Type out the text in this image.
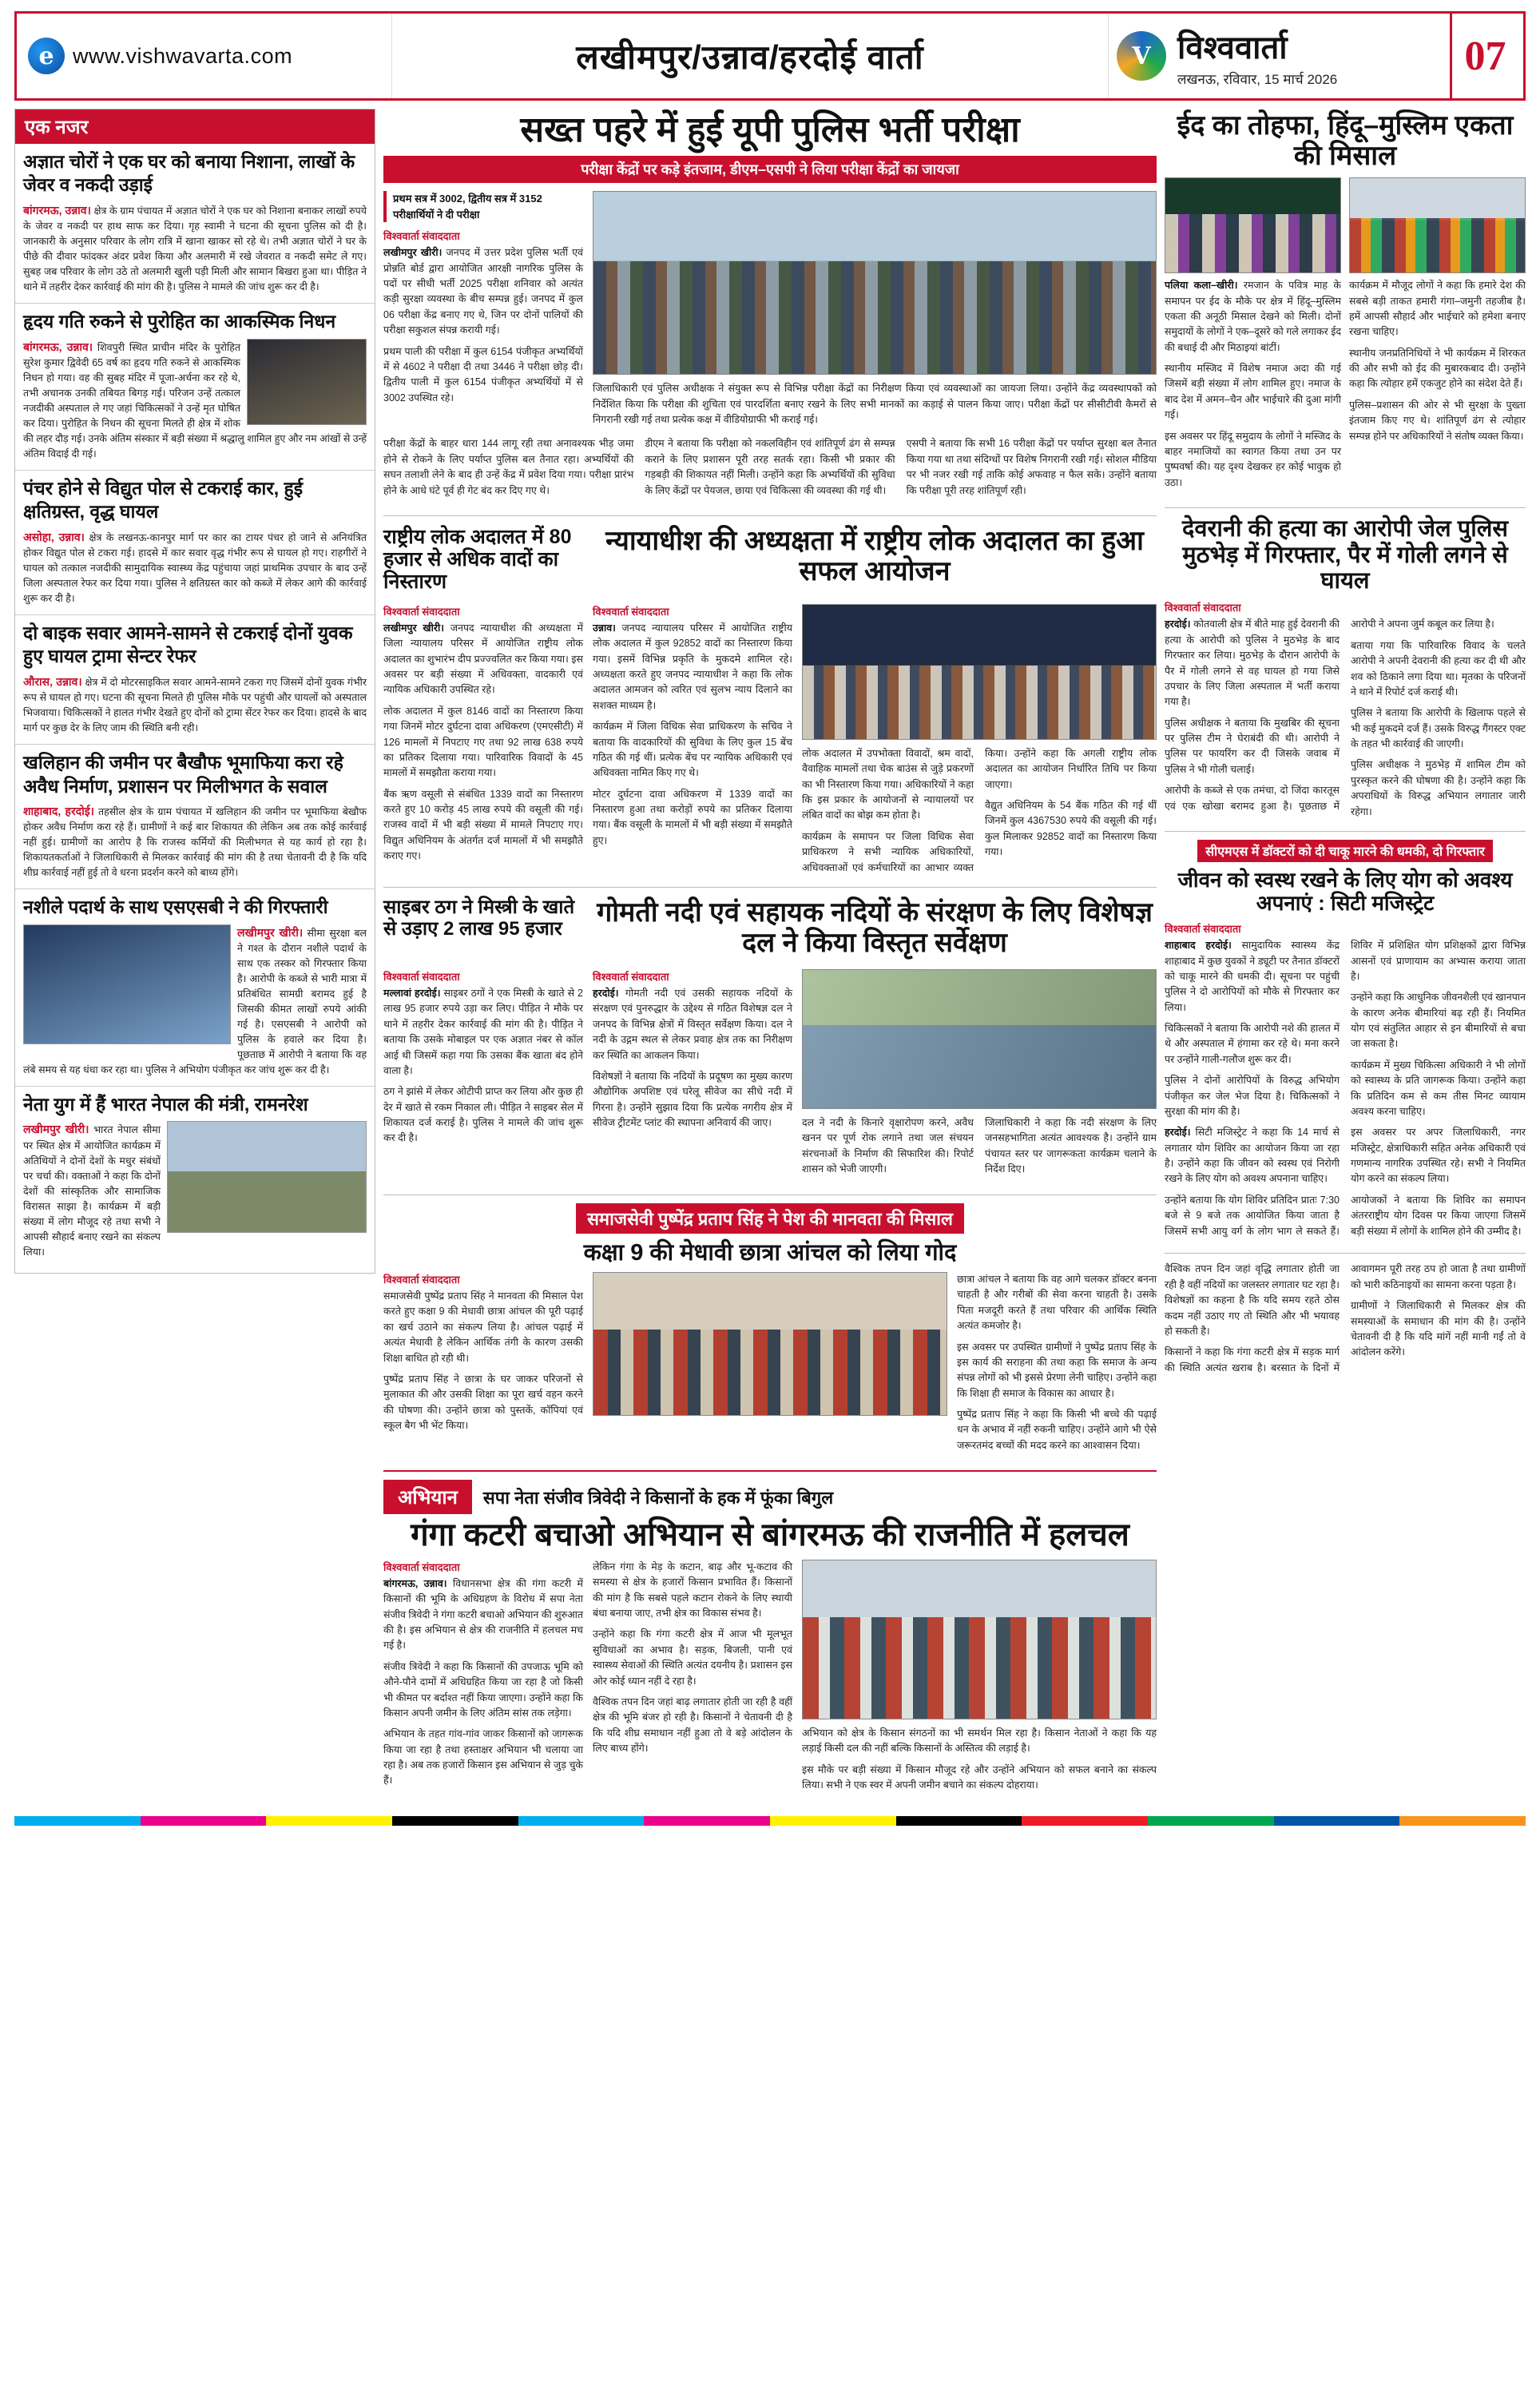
e www.vishwavarta.com	लखीमपुर/उन्नाव/हरदोई वार्ता	V विश्ववार्ता
लखनऊ, रविवार, 15 मार्च 2026
07
एक नजर
अज्ञात चोरों ने एक घर को बनाया निशाना, लाखों के जेवर व नकदी उड़ाई
बांगरमऊ, उन्नाव। क्षेत्र के ग्राम पंचायत में अज्ञात चोरों ने एक घर को निशाना बनाकर लाखों रुपये के जेवर व नकदी पर हाथ साफ कर दिया। गृह स्वामी ने घटना की सूचना पुलिस को दी है। जानकारी के अनुसार परिवार के लोग रात्रि में खाना खाकर सो रहे थे। तभी अज्ञात चोरों ने घर के पीछे की दीवार फांदकर अंदर प्रवेश किया और अलमारी में रखे जेवरात व नकदी समेट ले गए। सुबह जब परिवार के लोग उठे तो अलमारी खुली पड़ी मिली और सामान बिखरा हुआ था। पीड़ित ने थाने में तहरीर देकर कार्रवाई की मांग की है। पुलिस ने मामले की जांच शुरू कर दी है।
हृदय गति रुकने से पुरोहित का आकस्मिक निधन
बांगरमऊ, उन्नाव। शिवपुरी स्थित प्राचीन मंदिर के पुरोहित सुरेश कुमार द्विवेदी 65 वर्ष का हृदय गति रुकने से आकस्मिक निधन हो गया। वह की सुबह मंदिर में पूजा-अर्चना कर रहे थे, तभी अचानक उनकी तबियत बिगड़ गई। परिजन उन्हें तत्काल नजदीकी अस्पताल ले गए जहां चिकित्सकों ने उन्हें मृत घोषित कर दिया। पुरोहित के निधन की सूचना मिलते ही क्षेत्र में शोक की लहर दौड़ गई। उनके अंतिम संस्कार में बड़ी संख्या में श्रद्धालु शामिल हुए और नम आंखों से उन्हें अंतिम विदाई दी गई।
पंचर होने से विद्युत पोल से टकराई कार, हुई क्षतिग्रस्त, वृद्ध घायल
असोहा, उन्नाव। क्षेत्र के लखनऊ-कानपुर मार्ग पर कार का टायर पंचर हो जाने से अनियंत्रित होकर विद्युत पोल से टकरा गई। हादसे में कार सवार वृद्ध गंभीर रूप से घायल हो गए। राहगीरों ने घायल को तत्काल नजदीकी सामुदायिक स्वास्थ्य केंद्र पहुंचाया जहां प्राथमिक उपचार के बाद उन्हें जिला अस्पताल रेफर कर दिया गया। पुलिस ने क्षतिग्रस्त कार को कब्जे में लेकर आगे की कार्रवाई शुरू कर दी है।
दो बाइक सवार आमने-सामने से टकराई दोनों युवक हुए घायल ट्रामा सेन्टर रेफर
औरास, उन्नाव। क्षेत्र में दो मोटरसाइकिल सवार आमने-सामने टकरा गए जिसमें दोनों युवक गंभीर रूप से घायल हो गए। घटना की सूचना मिलते ही पुलिस मौके पर पहुंची और घायलों को अस्पताल भिजवाया। चिकित्सकों ने हालत गंभीर देखते हुए दोनों को ट्रामा सेंटर रेफर कर दिया। हादसे के बाद मार्ग पर कुछ देर के लिए जाम की स्थिति बनी रही।
खलिहान की जमीन पर बैखौफ भूमाफिया करा रहे अवैध निर्माण, प्रशासन पर मिलीभगत के सवाल
शाहाबाद, हरदोई। तहसील क्षेत्र के ग्राम पंचायत में खलिहान की जमीन पर भूमाफिया बेखौफ होकर अवैध निर्माण करा रहे हैं। ग्रामीणों ने कई बार शिकायत की लेकिन अब तक कोई कार्रवाई नहीं हुई। ग्रामीणों का आरोप है कि राजस्व कर्मियों की मिलीभगत से यह कार्य हो रहा है। शिकायतकर्ताओं ने जिलाधिकारी से मिलकर कार्रवाई की मांग की है तथा चेतावनी दी है कि यदि शीघ्र कार्रवाई नहीं हुई तो वे धरना प्रदर्शन करने को बाध्य होंगे।
नशीले पदार्थ के साथ एसएसबी ने की गिरफ्तारी
लखीमपुर खीरी। सीमा सुरक्षा बल ने गश्त के दौरान नशीले पदार्थ के साथ एक तस्कर को गिरफ्तार किया है। आरोपी के कब्जे से भारी मात्रा में प्रतिबंधित सामग्री बरामद हुई है जिसकी कीमत लाखों रुपये आंकी गई है। एसएसबी ने आरोपी को पुलिस के हवाले कर दिया है। पूछताछ में आरोपी ने बताया कि वह लंबे समय से यह धंधा कर रहा था। पुलिस ने अभियोग पंजीकृत कर जांच शुरू कर दी है।
नेता युग में हैं भारत नेपाल की मंत्री, रामनरेश
लखीमपुर खीरी। भारत नेपाल सीमा पर स्थित क्षेत्र में आयोजित कार्यक्रम में अतिथियों ने दोनों देशों के मधुर संबंधों पर चर्चा की। वक्ताओं ने कहा कि दोनों देशों की सांस्कृतिक और सामाजिक विरासत साझा है। कार्यक्रम में बड़ी संख्या में लोग मौजूद रहे तथा सभी ने आपसी सौहार्द बनाए रखने का संकल्प लिया।
सख्त पहरे में हुई यूपी पुलिस भर्ती परीक्षा
परीक्षा केंद्रों पर कड़े इंतजाम, डीएम–एसपी ने लिया परीक्षा केंद्रों का जायजा
प्रथम सत्र में 3002, द्वितीय सत्र में 3152 परीक्षार्थियों ने दी परीक्षा
विश्ववार्ता संवाददाता

लखीमपुर खीरी। जनपद में उत्तर प्रदेश पुलिस भर्ती एवं प्रोन्नति बोर्ड द्वारा आयोजित आरक्षी नागरिक पुलिस के पदों पर सीधी भर्ती 2025 परीक्षा शनिवार को अत्यंत कड़ी सुरक्षा व्यवस्था के बीच सम्पन्न हुई। जनपद में कुल 06 परीक्षा केंद्र बनाए गए थे, जिन पर दोनों पालियों की परीक्षा सकुशल संपन्न करायी गई।

प्रथम पाली की परीक्षा में कुल 6154 पंजीकृत अभ्यर्थियों में से 4602 ने परीक्षा दी तथा 3446 ने परीक्षा छोड़ दी। द्वितीय पाली में कुल 6154 पंजीकृत अभ्यर्थियों में से 3002 उपस्थित रहे।

जिलाधिकारी एवं पुलिस अधीक्षक ने संयुक्त रूप से विभिन्न परीक्षा केंद्रों का निरीक्षण किया एवं व्यवस्थाओं का जायजा लिया। उन्होंने केंद्र व्यवस्थापकों को निर्देशित किया कि परीक्षा की शुचिता एवं पारदर्शिता बनाए रखने के लिए सभी मानकों का कड़ाई से पालन किया जाए। परीक्षा केंद्रों पर सीसीटीवी कैमरों से निगरानी रखी गई तथा प्रत्येक कक्ष में वीडियोग्राफी भी कराई गई।

परीक्षा केंद्रों के बाहर धारा 144 लागू रही तथा अनावश्यक भीड़ जमा होने से रोकने के लिए पर्याप्त पुलिस बल तैनात रहा। अभ्यर्थियों की सघन तलाशी लेने के बाद ही उन्हें केंद्र में प्रवेश दिया गया। परीक्षा प्रारंभ होने के आधे घंटे पूर्व ही गेट बंद कर दिए गए थे।

डीएम ने बताया कि परीक्षा को नकलविहीन एवं शांतिपूर्ण ढंग से सम्पन्न कराने के लिए प्रशासन पूरी तरह सतर्क रहा। किसी भी प्रकार की गड़बड़ी की शिकायत नहीं मिली। उन्होंने कहा कि अभ्यर्थियों की सुविधा के लिए केंद्रों पर पेयजल, छाया एवं चिकित्सा की व्यवस्था की गई थी।

एसपी ने बताया कि सभी 16 परीक्षा केंद्रों पर पर्याप्त सुरक्षा बल तैनात किया गया था तथा संदिग्धों पर विशेष निगरानी रखी गई। सोशल मीडिया पर भी नजर रखी गई ताकि कोई अफवाह न फैल सके। उन्होंने बताया कि परीक्षा पूरी तरह शांतिपूर्ण रही।

राष्ट्रीय लोक अदालत में 80 हजार से अधिक वादों का निस्तारण
न्यायाधीश की अध्यक्षता में राष्ट्रीय लोक अदालत का हुआ सफल आयोजन
विश्ववार्ता संवाददाता

लखीमपुर खीरी। जनपद न्यायाधीश की अध्यक्षता में जिला न्यायालय परिसर में आयोजित राष्ट्रीय लोक अदालत का शुभारंभ दीप प्रज्ज्वलित कर किया गया। इस अवसर पर बड़ी संख्या में अधिवक्ता, वादकारी एवं न्यायिक अधिकारी उपस्थित रहे।

लोक अदालत में कुल 8146 वादों का निस्तारण किया गया जिनमें मोटर दुर्घटना दावा अधिकरण (एमएसीटी) में 126 मामलों में निपटाए गए तथा 92 लाख 638 रुपये का प्रतिकर दिलाया गया। पारिवारिक विवादों के 45 मामलों में समझौता कराया गया।

बैंक ऋण वसूली से संबंधित 1339 वादों का निस्तारण करते हुए 10 करोड़ 45 लाख रुपये की वसूली की गई। राजस्व वादों में भी बड़ी संख्या में मामले निपटाए गए। विद्युत अधिनियम के अंतर्गत दर्ज मामलों में भी समझौते कराए गए।

विश्ववार्ता संवाददाता

उन्नाव। जनपद न्यायालय परिसर में आयोजित राष्ट्रीय लोक अदालत में कुल 92852 वादों का निस्तारण किया गया। इसमें विभिन्न प्रकृति के मुकदमे शामिल रहे। अध्यक्षता करते हुए जनपद न्यायाधीश ने कहा कि लोक अदालत आमजन को त्वरित एवं सुलभ न्याय दिलाने का सशक्त माध्यम है।

कार्यक्रम में जिला विधिक सेवा प्राधिकरण के सचिव ने बताया कि वादकारियों की सुविधा के लिए कुल 15 बेंच गठित की गई थीं। प्रत्येक बेंच पर न्यायिक अधिकारी एवं अधिवक्ता नामित किए गए थे।

मोटर दुर्घटना दावा अधिकरण में 1339 वादों का निस्तारण हुआ तथा करोड़ों रुपये का प्रतिकर दिलाया गया। बैंक वसूली के मामलों में भी बड़ी संख्या में समझौते हुए।

लोक अदालत में उपभोक्ता विवादों, श्रम वादों, वैवाहिक मामलों तथा चेक बाउंस से जुड़े प्रकरणों का भी निस्तारण किया गया। अधिकारियों ने कहा कि इस प्रकार के आयोजनों से न्यायालयों पर लंबित वादों का बोझ कम होता है।

कार्यक्रम के समापन पर जिला विधिक सेवा प्राधिकरण ने सभी न्यायिक अधिकारियों, अधिवक्ताओं एवं कर्मचारियों का आभार व्यक्त किया। उन्होंने कहा कि अगली राष्ट्रीय लोक अदालत का आयोजन निर्धारित तिथि पर किया जाएगा।

वैद्युत अधिनियम के 54 बैंक गठित की गई थीं जिनमें कुल 4367530 रुपये की वसूली की गई। कुल मिलाकर 92852 वादों का निस्तारण किया गया।

साइबर ठग ने मिस्त्री के खाते से उड़ाए 2 लाख 95 हजार
गोमती नदी एवं सहायक नदियों के संरक्षण के लिए विशेषज्ञ दल ने किया विस्तृत सर्वेक्षण
विश्ववार्ता संवाददाता

मल्लावां हरदोई। साइबर ठगों ने एक मिस्त्री के खाते से 2 लाख 95 हजार रुपये उड़ा कर लिए। पीड़ित ने मौके पर थाने में तहरीर देकर कार्रवाई की मांग की है। पीड़ित ने बताया कि उसके मोबाइल पर एक अज्ञात नंबर से कॉल आई थी जिसमें कहा गया कि उसका बैंक खाता बंद होने वाला है।

ठग ने झांसे में लेकर ओटीपी प्राप्त कर लिया और कुछ ही देर में खाते से रकम निकाल ली। पीड़ित ने साइबर सेल में शिकायत दर्ज कराई है। पुलिस ने मामले की जांच शुरू कर दी है।

विश्ववार्ता संवाददाता

हरदोई। गोमती नदी एवं उसकी सहायक नदियों के संरक्षण एवं पुनरुद्धार के उद्देश्य से गठित विशेषज्ञ दल ने जनपद के विभिन्न क्षेत्रों में विस्तृत सर्वेक्षण किया। दल ने नदी के उद्गम स्थल से लेकर प्रवाह क्षेत्र तक का निरीक्षण कर स्थिति का आकलन किया।

विशेषज्ञों ने बताया कि नदियों के प्रदूषण का मुख्य कारण औद्योगिक अपशिष्ट एवं घरेलू सीवेज का सीधे नदी में गिरना है। उन्होंने सुझाव दिया कि प्रत्येक नगरीय क्षेत्र में सीवेज ट्रीटमेंट प्लांट की स्थापना अनिवार्य की जाए।	दल ने नदी के किनारे वृक्षारोपण करने, अवैध खनन पर पूर्ण रोक लगाने तथा जल संचयन संरचनाओं के निर्माण की सिफारिश की। रिपोर्ट शासन को भेजी जाएगी।

जिलाधिकारी ने कहा कि नदी संरक्षण के लिए जनसहभागिता अत्यंत आवश्यक है। उन्होंने ग्राम पंचायत स्तर पर जागरूकता कार्यक्रम चलाने के निर्देश दिए।

समाजसेवी पुष्पेंद्र प्रताप सिंह ने पेश की मानवता की मिसाल
कक्षा 9 की मेधावी छात्रा आंचल को लिया गोद
विश्ववार्ता संवाददाता

समाजसेवी पुष्पेंद्र प्रताप सिंह ने मानवता की मिसाल पेश करते हुए कक्षा 9 की मेधावी छात्रा आंचल की पूरी पढ़ाई का खर्च उठाने का संकल्प लिया है। आंचल पढ़ाई में अत्यंत मेधावी है लेकिन आर्थिक तंगी के कारण उसकी शिक्षा बाधित हो रही थी।

पुष्पेंद्र प्रताप सिंह ने छात्रा के घर जाकर परिजनों से मुलाकात की और उसकी शिक्षा का पूरा खर्च वहन करने की घोषणा की। उन्होंने छात्रा को पुस्तकें, कॉपियां एवं स्कूल बैग भी भेंट किया।

छात्रा आंचल ने बताया कि वह आगे चलकर डॉक्टर बनना चाहती है और गरीबों की सेवा करना चाहती है। उसके पिता मजदूरी करते हैं तथा परिवार की आर्थिक स्थिति अत्यंत कमजोर है।

इस अवसर पर उपस्थित ग्रामीणों ने पुष्पेंद्र प्रताप सिंह के इस कार्य की सराहना की तथा कहा कि समाज के अन्य संपन्न लोगों को भी इससे प्रेरणा लेनी चाहिए। उन्होंने कहा कि शिक्षा ही समाज के विकास का आधार है।

पुष्पेंद्र प्रताप सिंह ने कहा कि किसी भी बच्चे की पढ़ाई धन के अभाव में नहीं रुकनी चाहिए। उन्होंने आगे भी ऐसे जरूरतमंद बच्चों की मदद करने का आश्वासन दिया।

अभियान	सपा नेता संजीव त्रिवेदी ने किसानों के हक में फूंका बिगुल
गंगा कटरी बचाओ अभियान से बांगरमऊ की राजनीति में हलचल
विश्ववार्ता संवाददाता

बांगरमऊ, उन्नाव। विधानसभा क्षेत्र की गंगा कटरी में किसानों की भूमि के अधिग्रहण के विरोध में सपा नेता संजीव त्रिवेदी ने गंगा कटरी बचाओ अभियान की शुरुआत की है। इस अभियान से क्षेत्र की राजनीति में हलचल मच गई है।

संजीव त्रिवेदी ने कहा कि किसानों की उपजाऊ भूमि को औने-पौने दामों में अधिग्रहित किया जा रहा है जो किसी भी कीमत पर बर्दाश्त नहीं किया जाएगा। उन्होंने कहा कि किसान अपनी जमीन के लिए अंतिम सांस तक लड़ेगा।

अभियान के तहत गांव-गांव जाकर किसानों को जागरूक किया जा रहा है तथा हस्ताक्षर अभियान भी चलाया जा रहा है। अब तक हजारों किसान इस अभियान से जुड़ चुके हैं।

लेकिन गंगा के मेड़ के कटान, बाढ़ और भू-कटाव की समस्या से क्षेत्र के हजारों किसान प्रभावित हैं। किसानों की मांग है कि सबसे पहले कटान रोकने के लिए स्थायी बंधा बनाया जाए, तभी क्षेत्र का विकास संभव है।

उन्होंने कहा कि गंगा कटरी क्षेत्र में आज भी मूलभूत सुविधाओं का अभाव है। सड़क, बिजली, पानी एवं स्वास्थ्य सेवाओं की स्थिति अत्यंत दयनीय है। प्रशासन इस ओर कोई ध्यान नहीं दे रहा है।

वैश्विक तपन दिन जहां बाढ़ लगातार होती जा रही है वहीं क्षेत्र की भूमि बंजर हो रही है। किसानों ने चेतावनी दी है कि यदि शीघ्र समाधान नहीं हुआ तो वे बड़े आंदोलन के लिए बाध्य होंगे।

अभियान को क्षेत्र के किसान संगठनों का भी समर्थन मिल रहा है। किसान नेताओं ने कहा कि यह लड़ाई किसी दल की नहीं बल्कि किसानों के अस्तित्व की लड़ाई है।

इस मौके पर बड़ी संख्या में किसान मौजूद रहे और उन्होंने अभियान को सफल बनाने का संकल्प लिया। सभी ने एक स्वर में अपनी जमीन बचाने का संकल्प दोहराया।

ईद का तोहफा, हिंदू–मुस्लिम एकता की मिसाल

पलिया कला–खीरी। रमजान के पवित्र माह के समापन पर ईद के मौके पर क्षेत्र में हिंदू–मुस्लिम एकता की अनूठी मिसाल देखने को मिली। दोनों समुदायों के लोगों ने एक–दूसरे को गले लगाकर ईद की बधाई दी और मिठाइयां बांटीं।

स्थानीय मस्जिद में विशेष नमाज अदा की गई जिसमें बड़ी संख्या में लोग शामिल हुए। नमाज के बाद देश में अमन–चैन और भाईचारे की दुआ मांगी गई।

इस अवसर पर हिंदू समुदाय के लोगों ने मस्जिद के बाहर नमाजियों का स्वागत किया तथा उन पर पुष्पवर्षा की। यह दृश्य देखकर हर कोई भावुक हो उठा।

कार्यक्रम में मौजूद लोगों ने कहा कि हमारे देश की सबसे बड़ी ताकत हमारी गंगा–जमुनी तहजीब है। हमें आपसी सौहार्द और भाईचारे को हमेशा बनाए रखना चाहिए।

स्थानीय जनप्रतिनिधियों ने भी कार्यक्रम में शिरकत की और सभी को ईद की मुबारकबाद दी। उन्होंने कहा कि त्योहार हमें एकजुट होने का संदेश देते हैं।

पुलिस–प्रशासन की ओर से भी सुरक्षा के पुख्ता इंतजाम किए गए थे। शांतिपूर्ण ढंग से त्योहार सम्पन्न होने पर अधिकारियों ने संतोष व्यक्त किया।

देवरानी की हत्या का आरोपी जेल पुलिस मुठभेड़ में गिरफ्तार, पैर में गोली लगने से घायल
विश्ववार्ता संवाददाता

हरदोई। कोतवाली क्षेत्र में बीते माह हुई देवरानी की हत्या के आरोपी को पुलिस ने मुठभेड़ के बाद गिरफ्तार कर लिया। मुठभेड़ के दौरान आरोपी के पैर में गोली लगने से वह घायल हो गया जिसे उपचार के लिए जिला अस्पताल में भर्ती कराया गया है।

पुलिस अधीक्षक ने बताया कि मुखबिर की सूचना पर पुलिस टीम ने घेराबंदी की थी। आरोपी ने पुलिस पर फायरिंग कर दी जिसके जवाब में पुलिस ने भी गोली चलाई।

आरोपी के कब्जे से एक तमंचा, दो जिंदा कारतूस एवं एक खोखा बरामद हुआ है। पूछताछ में आरोपी ने अपना जुर्म कबूल कर लिया है।

बताया गया कि पारिवारिक विवाद के चलते आरोपी ने अपनी देवरानी की हत्या कर दी थी और शव को ठिकाने लगा दिया था। मृतका के परिजनों ने थाने में रिपोर्ट दर्ज कराई थी।

पुलिस ने बताया कि आरोपी के खिलाफ पहले से भी कई मुकदमे दर्ज हैं। उसके विरुद्ध गैंगस्टर एक्ट के तहत भी कार्रवाई की जाएगी।

पुलिस अधीक्षक ने मुठभेड़ में शामिल टीम को पुरस्कृत करने की घोषणा की है। उन्होंने कहा कि अपराधियों के विरुद्ध अभियान लगातार जारी रहेगा।

सीएमएस में डॉक्टरों को दी चाकू मारने की धमकी, दो गिरफ्तार
जीवन को स्वस्थ रखने के लिए योग को अवश्य अपनाएं : सिटी मजिस्ट्रेट
विश्ववार्ता संवाददाता

शाहाबाद हरदोई। सामुदायिक स्वास्थ्य केंद्र शाहाबाद में कुछ युवकों ने ड्यूटी पर तैनात डॉक्टरों को चाकू मारने की धमकी दी। सूचना पर पहुंची पुलिस ने दो आरोपियों को मौके से गिरफ्तार कर लिया।

चिकित्सकों ने बताया कि आरोपी नशे की हालत में थे और अस्पताल में हंगामा कर रहे थे। मना करने पर उन्होंने गाली-गलौज शुरू कर दी।

पुलिस ने दोनों आरोपियों के विरुद्ध अभियोग पंजीकृत कर जेल भेज दिया है। चिकित्सकों ने सुरक्षा की मांग की है।

हरदोई। सिटी मजिस्ट्रेट ने कहा कि 14 मार्च से लगातार योग शिविर का आयोजन किया जा रहा है। उन्होंने कहा कि जीवन को स्वस्थ एवं निरोगी रखने के लिए योग को अवश्य अपनाना चाहिए।

उन्होंने बताया कि योग शिविर प्रतिदिन प्रातः 7:30 बजे से 9 बजे तक आयोजित किया जाता है जिसमें सभी आयु वर्ग के लोग भाग ले सकते हैं। शिविर में प्रशिक्षित योग प्रशिक्षकों द्वारा विभिन्न आसनों एवं प्राणायाम का अभ्यास कराया जाता है।

उन्होंने कहा कि आधुनिक जीवनशैली एवं खानपान के कारण अनेक बीमारियां बढ़ रही हैं। नियमित योग एवं संतुलित आहार से इन बीमारियों से बचा जा सकता है।

कार्यक्रम में मुख्य चिकित्सा अधिकारी ने भी लोगों को स्वास्थ्य के प्रति जागरूक किया। उन्होंने कहा कि प्रतिदिन कम से कम तीस मिनट व्यायाम अवश्य करना चाहिए।

इस अवसर पर अपर जिलाधिकारी, नगर मजिस्ट्रेट, क्षेत्राधिकारी सहित अनेक अधिकारी एवं गणमान्य नागरिक उपस्थित रहे। सभी ने नियमित योग करने का संकल्प लिया।

आयोजकों ने बताया कि शिविर का समापन अंतरराष्ट्रीय योग दिवस पर किया जाएगा जिसमें बड़ी संख्या में लोगों के शामिल होने की उम्मीद है।

वैश्विक तपन दिन जहां वृद्धि लगातार होती जा रही है वहीं नदियों का जलस्तर लगातार घट रहा है। विशेषज्ञों का कहना है कि यदि समय रहते ठोस कदम नहीं उठाए गए तो स्थिति और भी भयावह हो सकती है।

किसानों ने कहा कि गंगा कटरी क्षेत्र में सड़क मार्ग की स्थिति अत्यंत खराब है। बरसात के दिनों में आवागमन पूरी तरह ठप हो जाता है तथा ग्रामीणों को भारी कठिनाइयों का सामना करना पड़ता है।

ग्रामीणों ने जिलाधिकारी से मिलकर क्षेत्र की समस्याओं के समाधान की मांग की है। उन्होंने चेतावनी दी है कि यदि मांगें नहीं मानी गईं तो वे आंदोलन करेंगे।
